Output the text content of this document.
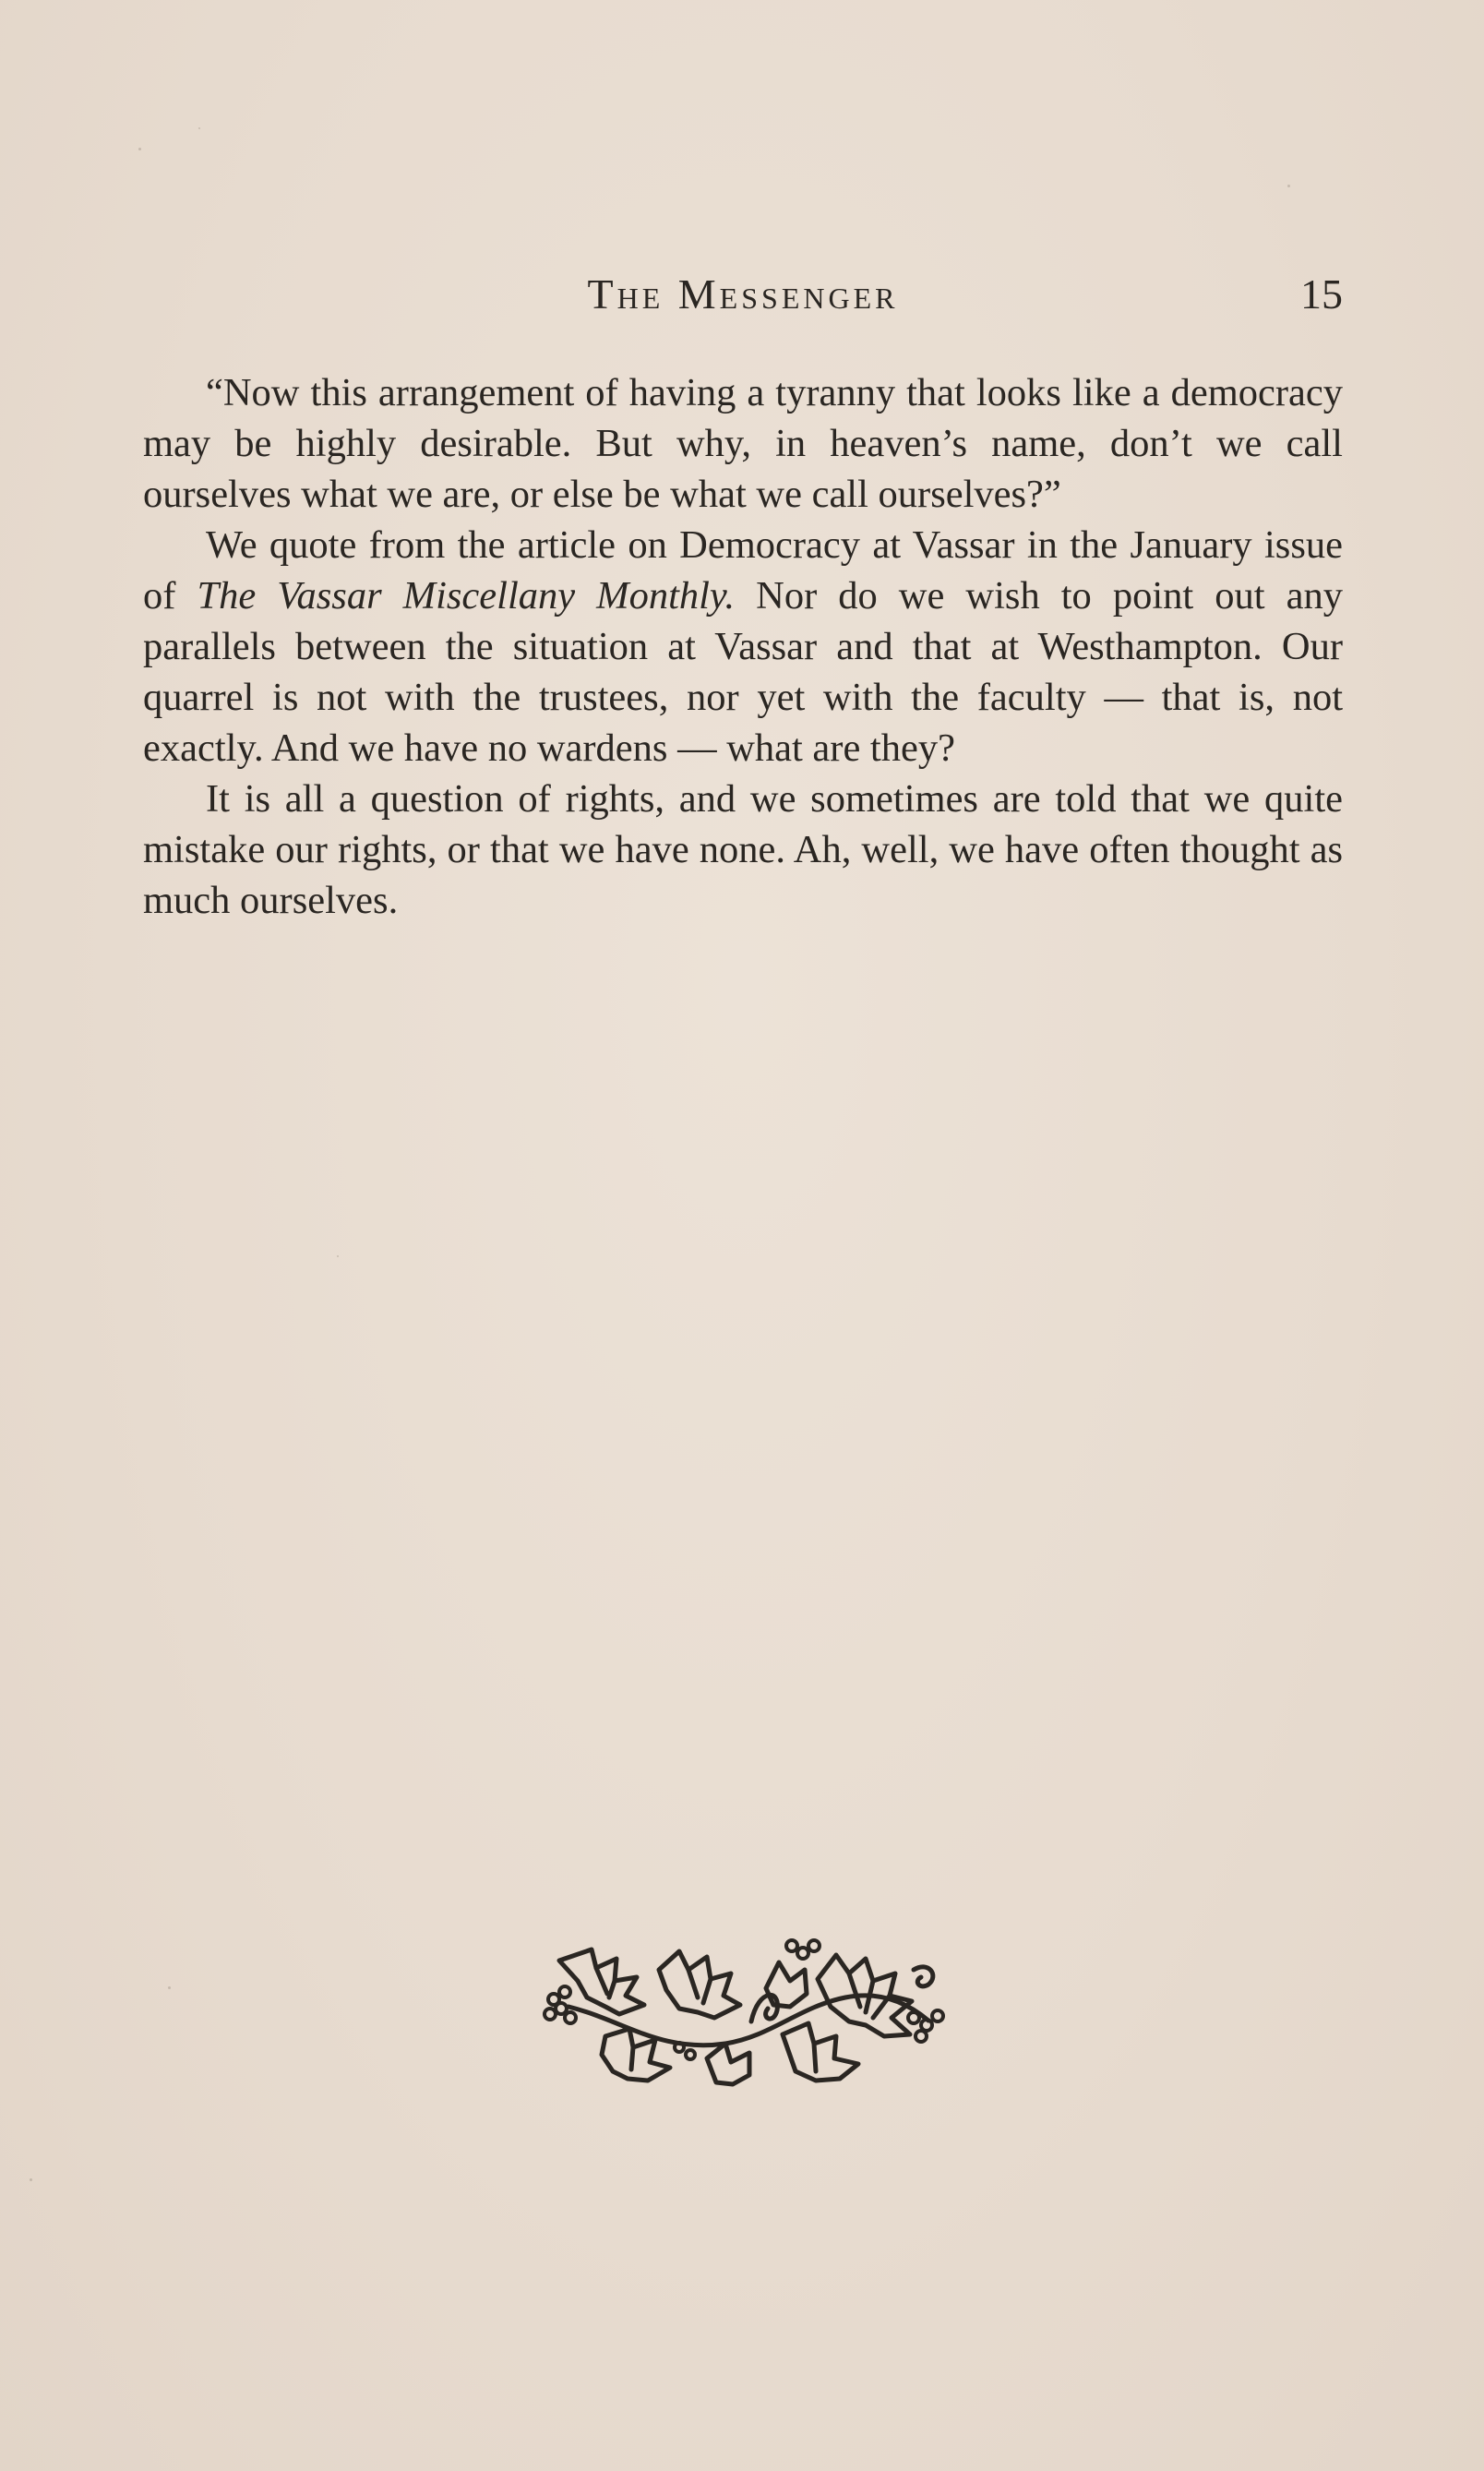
The Messenger	15

“Now this arrangement of having a tyranny that looks like a democracy may be highly desirable. But why, in heaven’s name, don’t we call ourselves what we are, or else be what we call ourselves?”

We quote from the article on Democracy at Vassar in the January issue of The Vassar Miscellany Monthly. Nor do we wish to point out any parallels between the situation at Vassar and that at Westhampton. Our quarrel is not with the trustees, nor yet with the faculty — that is, not exactly. And we have no wardens — what are they?

It is all a question of rights, and we sometimes are told that we quite mistake our rights, or that we have none. Ah, well, we have often thought as much ourselves.
